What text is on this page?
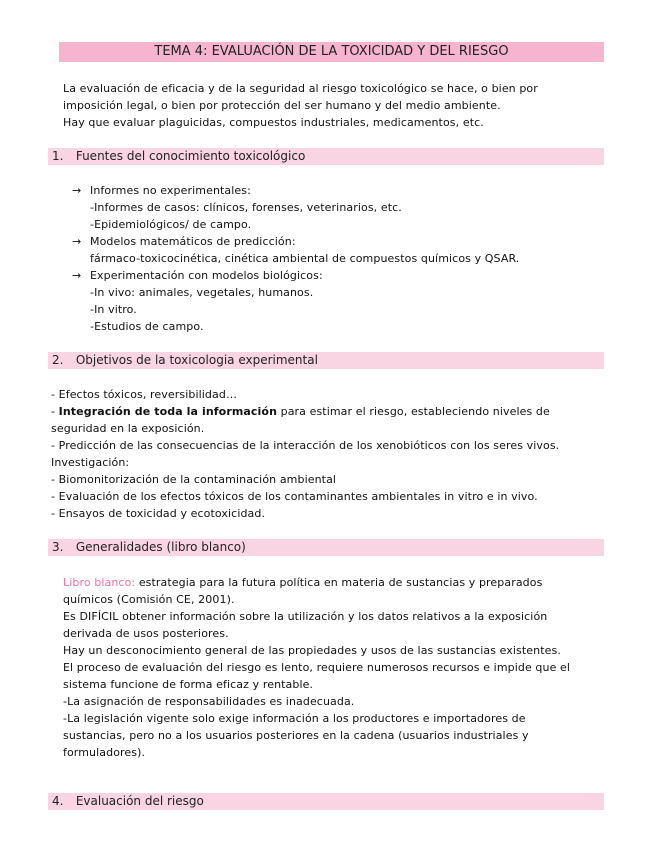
TEMA 4: EVALUACIÓN DE LA TOXICIDAD Y DEL RIESGO
La evaluación de eficacia y de la seguridad al riesgo toxicológico se hace, o bien por
imposición legal, o bien por protección del ser humano y del medio ambiente.
Hay que evaluar plaguicidas, compuestos industriales, medicamentos, etc.
1. Fuentes del conocimiento toxicológico
→ Informes no experimentales:
-Informes de casos: clínicos, forenses, veterinarios, etc.
-Epidemiológicos/ de campo.
→ Modelos matemáticos de predicción:
fármaco-toxicocinética, cinética ambiental de compuestos químicos y QSAR.
→ Experimentación con modelos biológicos:
-In vivo: animales, vegetales, humanos.
-In vitro.
-Estudios de campo.
2. Objetivos de la toxicologia experimental
- Efectos tóxicos, reversibilidad…
- Integración de toda la información para estimar el riesgo, estableciendo niveles de
seguridad en la exposición.
- Predicción de las consecuencias de la interacción de los xenobióticos con los seres vivos.
Investigación:
- Biomonitorización de la contaminación ambiental
- Evaluación de los efectos tóxicos de los contaminantes ambientales in vitro e in vivo.
- Ensayos de toxicidad y ecotoxicidad.
3. Generalidades (libro blanco)
Libro blanco: estrategia para la futura política en materia de sustancias y preparados
químicos (Comisión CE, 2001).
Es DIFÍCIL obtener información sobre la utilización y los datos relativos a la exposición
derivada de usos posteriores.
Hay un desconocimiento general de las propiedades y usos de las sustancias existentes.
El proceso de evaluación del riesgo es lento, requiere numerosos recursos e impide que el
sistema funcione de forma eficaz y rentable.
-La asignación de responsabilidades es inadecuada.
-La legislación vigente solo exige información a los productores e importadores de
sustancias, pero no a los usuarios posteriores en la cadena (usuarios industriales y
formuladores).
4. Evaluación del riesgo
